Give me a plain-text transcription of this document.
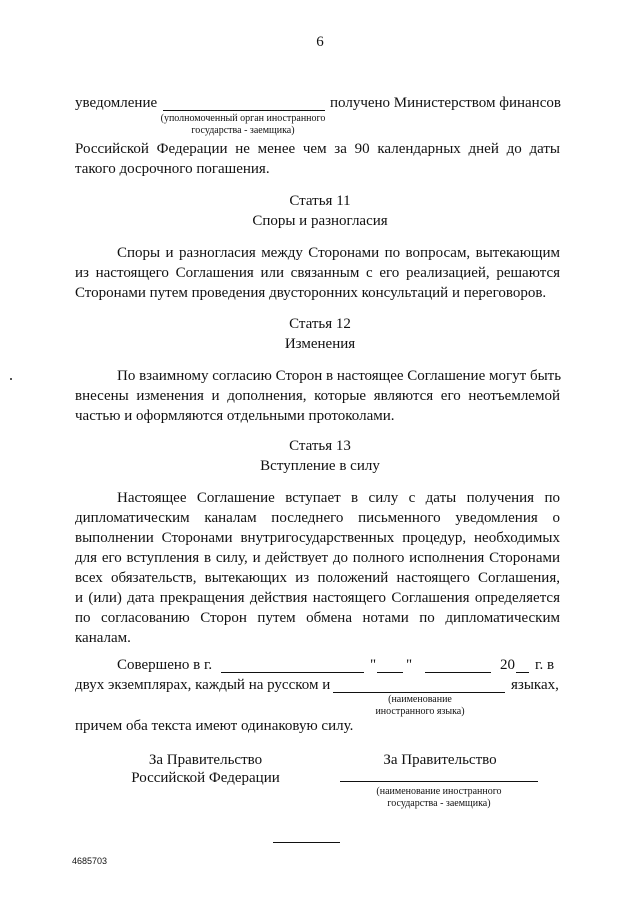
6
уведомление	получено Министерством финансов
(уполномоченный орган иностранного
государства - заемщика)
Российской Федерации не менее чем за 90 календарных дней до даты
такого досрочного погашения.
Статья 11
Споры и разногласия
Споры и разногласия между Сторонами по вопросам, вытекающим
из настоящего Соглашения или связанным с его реализацией, решаются
Сторонами путем проведения двусторонних консультаций и переговоров.
Статья 12
Изменения
По взаимному согласию Сторон в настоящее Соглашение могут быть
внесены изменения и дополнения, которые являются его неотъемлемой
частью и оформляются отдельными протоколами.
Статья 13
Вступление в силу
Настоящее Соглашение вступает в силу с даты получения по
дипломатическим каналам последнего письменного уведомления о
выполнении Сторонами внутригосударственных процедур, необходимых
для его вступления в силу, и действует до полного исполнения Сторонами
всех обязательств, вытекающих из положений настоящего Соглашения,
и (или) дата прекращения действия настоящего Соглашения определяется
по согласованию Сторон путем обмена нотами по дипломатическим
каналам.
Совершено в г.	" "	20 г. в
двух экземплярах, каждый на русском и	языках,
(наименование
иностранного языка)
причем оба текста имеют одинаковую силу.
За Правительство
Российской Федерации
За Правительство
(наименование иностранного
государства - заемщика)
4685703
